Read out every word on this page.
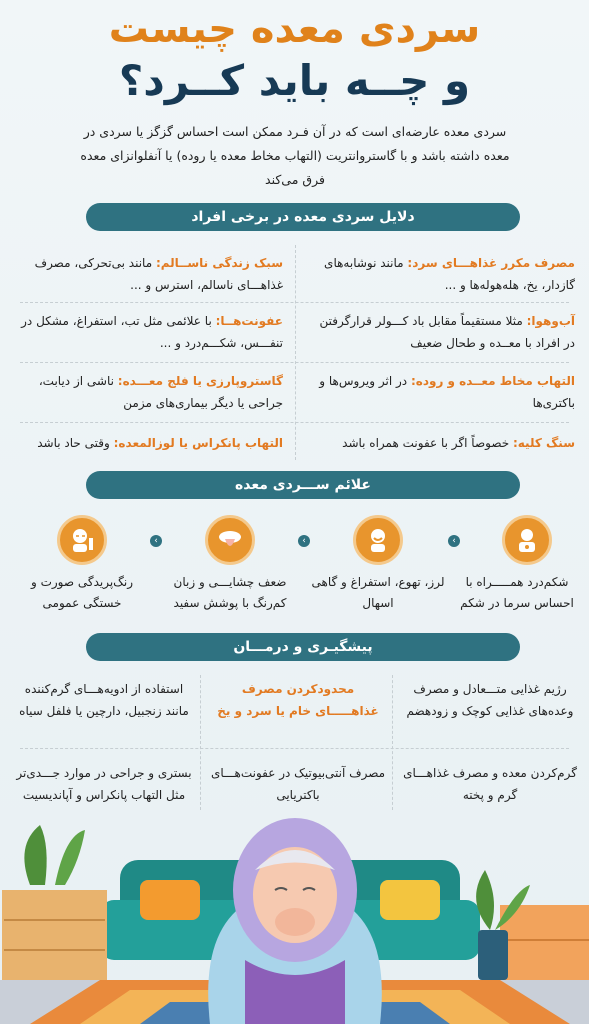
سردی معده چیست
و چــه باید کــرد؟
سردی معده عارضه‌ای است که در آن فـرد ممکن است احساس گزگز یا سردی در معده داشته باشد و با گاستروانتریت (التهاب مخاط معده یا روده) یا آنفلوانزای معده فرق می‌کند
دلایل سردی معده در برخی افراد
مصرف مکرر غذاهـــای سرد: مانند نوشابه‌های گازدار، یخ، هله‌هوله‌ها و ...
سبک زندگی ناســالم: مانند بی‌تحرکی، مصرف غذاهـــای ناسالم، استرس و ...
آب‌وهوا: مثلا مستقیماً مقابل باد کـــولر قرارگرفتن در افراد با معــده و طحال ضعیف
عفونت‌هــا: با علائمی مثل تب، استفراغ، مشکل در تنفـــس، شکـــم‌درد و ...
التهاب مخاط معــده و روده: در اثر ویروس‌ها و باکتری‌ها
گاستروپارزی یا فلج معـــده: ناشی از دیابت، جراحی یا دیگر بیماری‌های مزمن
سنگ کلیه: خصوصاً اگر با عفونت همراه باشد
التهاب پانکراس یا لوزالمعده: وقتی حاد باشد
علائم ســـردی معده
‹
‹
‹
شکم‌درد همـــــراه با احساس سرما در شکم
لرز، تهوع، استفراغ و گاهی اسهال
ضعف چشایـــی و زبان کم‌رنگ با پوشش سفید
رنگ‌پریدگی صورت و خستگی عمومی
پیشگیـری و درمـــان
رژیم غذایی متـــعادل و مصرف وعده‌های غذایی کوچک و زودهضم
محدودکردن مصرف غذاهـــــای خام یا سرد و یخ
استفاده از ادویه‌هـــای گرم‌کننده مانند زنجبیل، دارچین یا فلفل سیاه
گرم‌کردن معده و مصرف غذاهـــای گرم و پخته
مصرف آنتی‌بیوتیک در عفونت‌هـــای باکتریایی
بستری و جراحی در موارد جـــدی‌تر مثل التهاب پانکراس و آپاندیسیت
